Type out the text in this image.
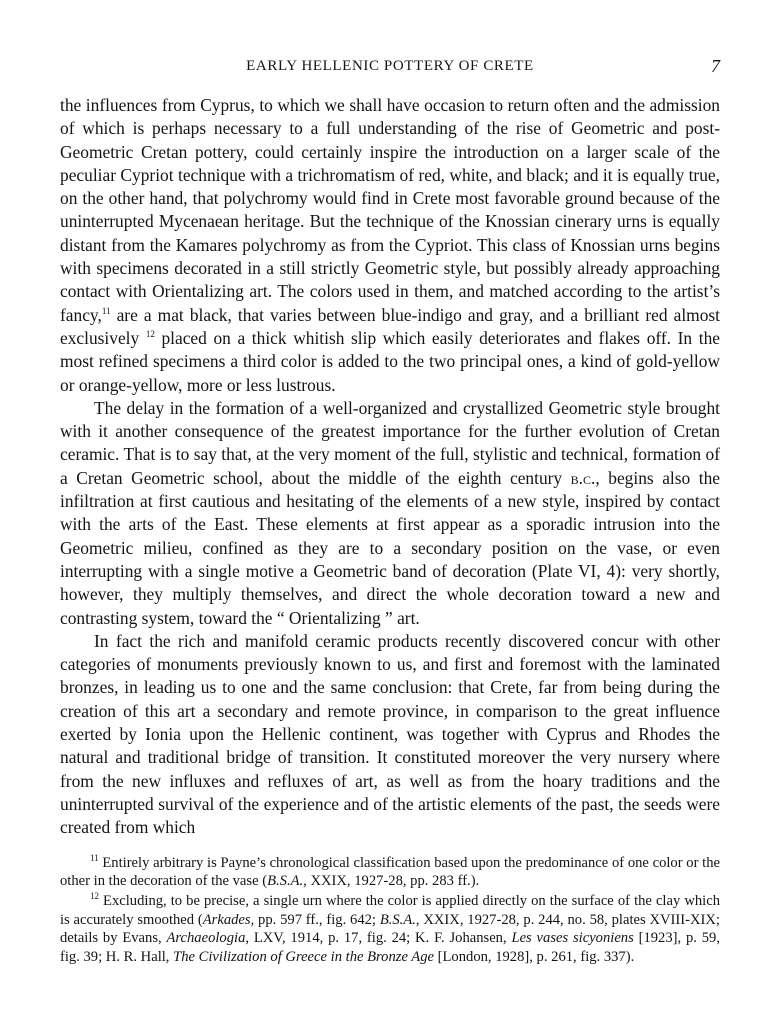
EARLY HELLENIC POTTERY OF CRETE	7

the influences from Cyprus, to which we shall have occasion to return often and the admission of which is perhaps necessary to a full understanding of the rise of Geometric and post-Geometric Cretan pottery, could certainly inspire the introduction on a larger scale of the peculiar Cypriot technique with a trichromatism of red, white, and black; and it is equally true, on the other hand, that polychromy would find in Crete most favorable ground because of the uninterrupted Mycenaean heritage. But the technique of the Knossian cinerary urns is equally distant from the Kamares polychromy as from the Cypriot. This class of Knossian urns begins with specimens decorated in a still strictly Geometric style, but possibly already approaching contact with Orientalizing art. The colors used in them, and matched according to the artist’s fancy,$^{11}$ are a mat black, that varies between blue-indigo and gray, and a brilliant red almost exclusively $^{12}$ placed on a thick whitish slip which easily deteriorates and flakes off. In the most refined specimens a third color is added to the two principal ones, a kind of gold-yellow or orange-yellow, more or less lustrous.

The delay in the formation of a well-organized and crystallized Geometric style brought with it another consequence of the greatest importance for the further evolution of Cretan ceramic. That is to say that, at the very moment of the full, stylistic and technical, formation of a Cretan Geometric school, about the middle of the eighth century b.c., begins also the infiltration at first cautious and hesitating of the elements of a new style, inspired by contact with the arts of the East. These elements at first appear as a sporadic intrusion into the Geometric milieu, confined as they are to a secondary position on the vase, or even interrupting with a single motive a Geometric band of decoration (Plate VI, 4): very shortly, however, they multiply themselves, and direct the whole decoration toward a new and contrasting system, toward the “ Orientalizing ” art.

In fact the rich and manifold ceramic products recently discovered concur with other categories of monuments previously known to us, and first and foremost with the laminated bronzes, in leading us to one and the same conclusion: that Crete, far from being during the creation of this art a secondary and remote province, in comparison to the great influence exerted by Ionia upon the Hellenic continent, was together with Cyprus and Rhodes the natural and traditional bridge of transition. It constituted moreover the very nursery where from the new influxes and refluxes of art, as well as from the hoary traditions and the uninterrupted survival of the experience and of the artistic elements of the past, the seeds were created from which

$^{11}$ Entirely arbitrary is Payne’s chronological classification based upon the predominance of one color or the other in the decoration of the vase (B.S.A., XXIX, 1927-28, pp. 283 ff.).

$^{12}$ Excluding, to be precise, a single urn where the color is applied directly on the surface of the clay which is accurately smoothed (Arkades, pp. 597 ff., fig. 642; B.S.A., XXIX, 1927-28, p. 244, no. 58, plates XVIII-XIX; details by Evans, Archaeologia, LXV, 1914, p. 17, fig. 24; K. F. Johansen, Les vases sicyoniens [1923], p. 59, fig. 39; H. R. Hall, The Civilization of Greece in the Bronze Age [London, 1928], p. 261, fig. 337).
